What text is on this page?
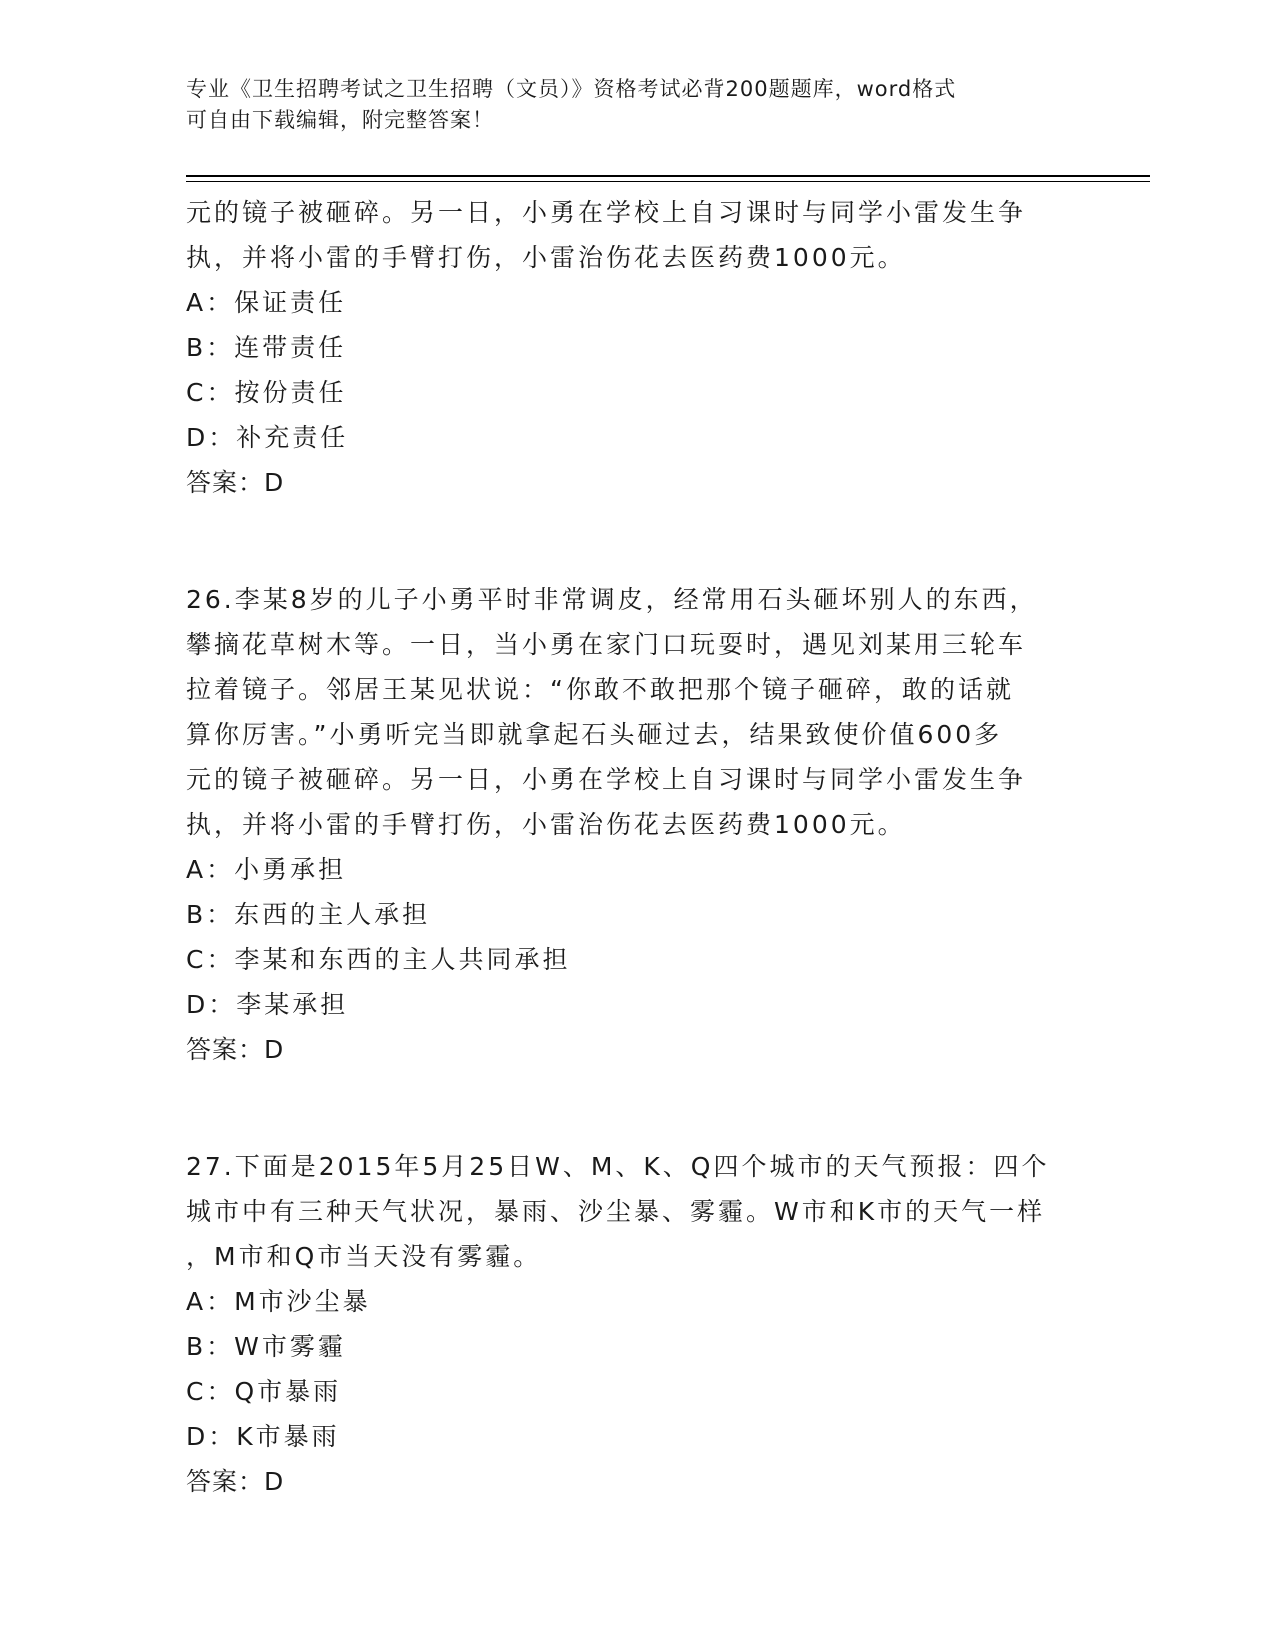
专业《卫生招聘考试之卫生招聘（文员）》资格考试必背200题题库，word格式
可自由下载编辑，附完整答案！
元的镜子被砸碎。另一日，小勇在学校上自习课时与同学小雷发生争
执，并将小雷的手臂打伤，小雷治伤花去医药费1000元。
A：保证责任
B：连带责任
C：按份责任
D：补充责任
答案：D
26.李某8岁的儿子小勇平时非常调皮，经常用石头砸坏别人的东西，
攀摘花草树木等。一日，当小勇在家门口玩耍时，遇见刘某用三轮车
拉着镜子。邻居王某见状说：“你敢不敢把那个镜子砸碎，敢的话就
算你厉害。”小勇听完当即就拿起石头砸过去，结果致使价值600多
元的镜子被砸碎。另一日，小勇在学校上自习课时与同学小雷发生争
执，并将小雷的手臂打伤，小雷治伤花去医药费1000元。
A：小勇承担
B：东西的主人承担
C：李某和东西的主人共同承担
D：李某承担
答案：D
27.下面是2015年5月25日W、M、K、Q四个城市的天气预报：四个
城市中有三种天气状况，暴雨、沙尘暴、雾霾。W市和K市的天气一样
，M市和Q市当天没有雾霾。
A：M市沙尘暴
B：W市雾霾
C：Q市暴雨
D：K市暴雨
答案：D
